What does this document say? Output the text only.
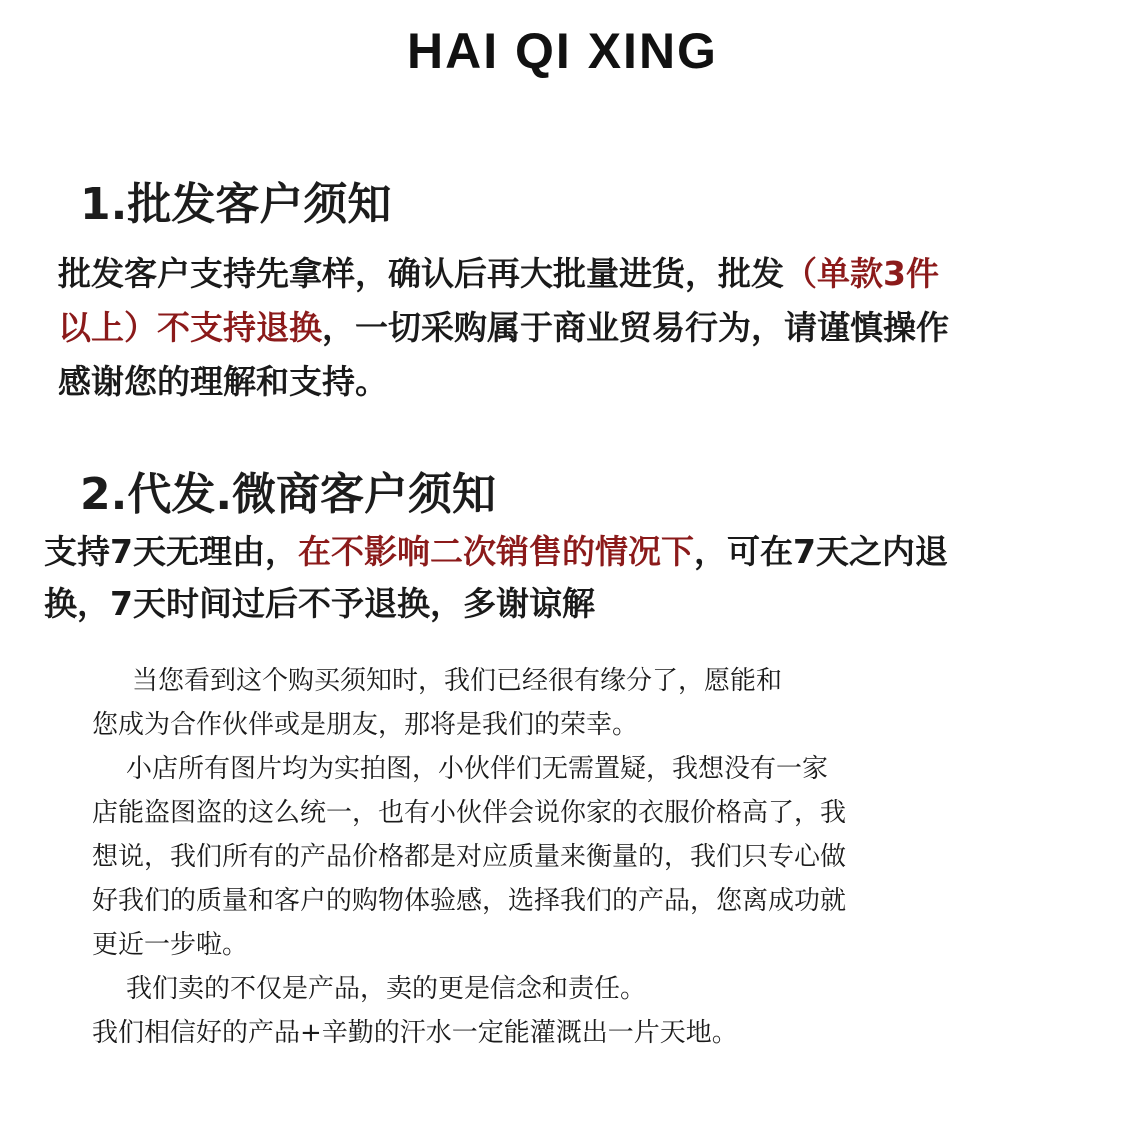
HAI QI XING
1.批发客户须知
批发客户支持先拿样，确认后再大批量进货，批发（单款3件
以上）不支持退换，一切采购属于商业贸易行为，请谨慎操作
感谢您的理解和支持。
2.代发.微商客户须知
支持7天无理由，在不影响二次销售的情况下，可在7天之内退
换，7天时间过后不予退换，多谢谅解
当您看到这个购买须知时，我们已经很有缘分了，愿能和
您成为合作伙伴或是朋友，那将是我们的荣幸。
小店所有图片均为实拍图，小伙伴们无需置疑，我想没有一家
店能盗图盗的这么统一，也有小伙伴会说你家的衣服价格高了，我
想说，我们所有的产品价格都是对应质量来衡量的，我们只专心做
好我们的质量和客户的购物体验感，选择我们的产品，您离成功就
更近一步啦。
我们卖的不仅是产品，卖的更是信念和责任。
我们相信好的产品+辛勤的汗水一定能灌溉出一片天地。
